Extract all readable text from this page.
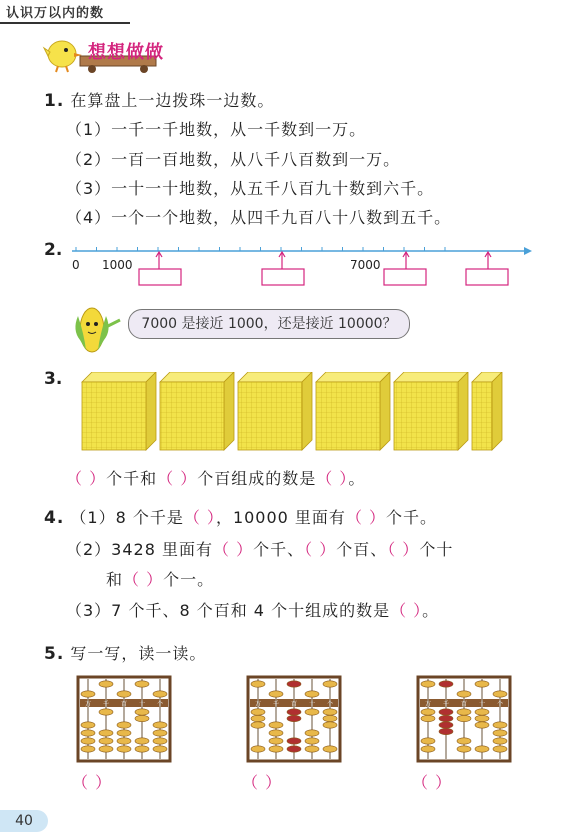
认识万以内的数
想想做做
1. 在算盘上一边拨珠一边数。
（1）一千一千地数，从一千数到一万。
（2）一百一百地数，从八千八百数到一万。
（3）一十一十地数，从五千八百九十数到六千。
（4）一个一个地数，从四千九百八十八数到五千。
2.
0 1000	7000
7000 是接近 1000，还是接近 10000？
3.
（ ）个千和（ ）个百组成的数是（ ）。
4. （1）8 个千是（ ），10000 里面有（ ）个千。
（2）3428 里面有（ ）个千、（ ）个百、（ ）个十
和（ ）个一。
（3）7 个千、8 个百和 4 个十组成的数是（ ）。
5. 写一写，读一读。
万 千 百 十 个	万 千 百 十 个	万 千 百 十 个
（ ）	（ ）	（ ）
40
